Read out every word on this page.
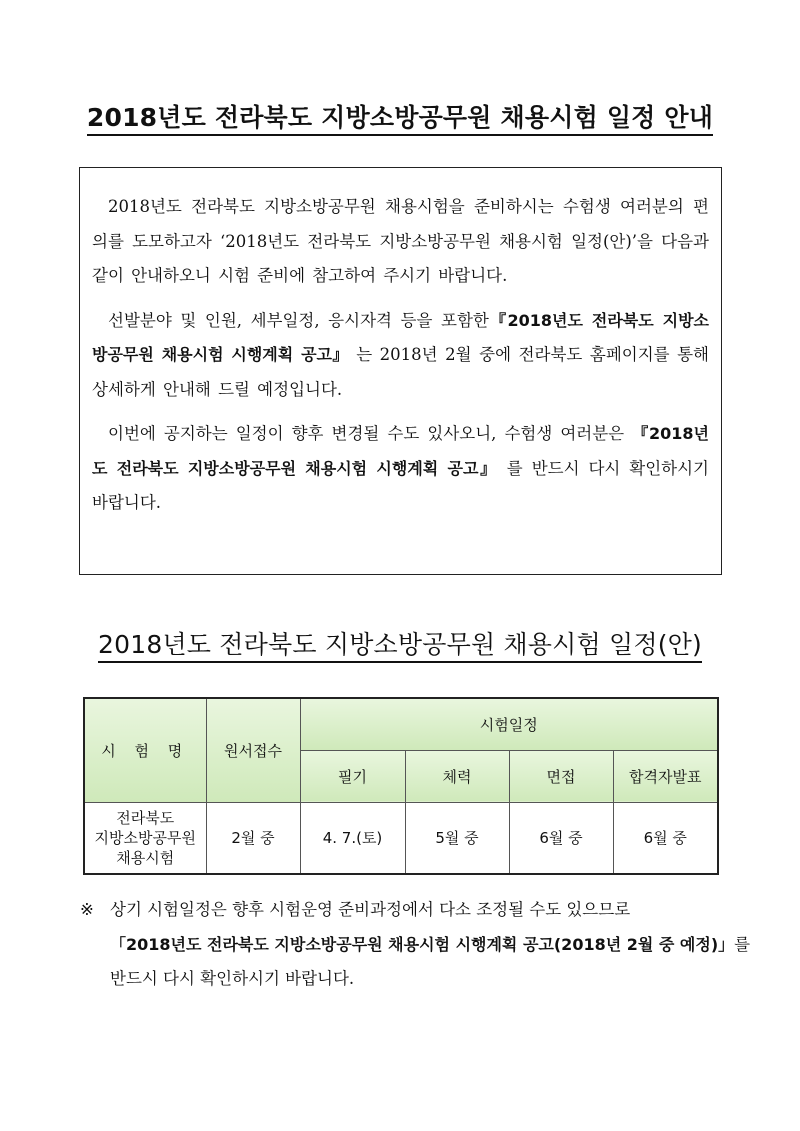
2018년도 전라북도 지방소방공무원 채용시험 일정 안내

2018년도 전라북도 지방소방공무원 채용시험을 준비하시는 수험생 여러분의 편의를 도모하고자 ‘2018년도 전라북도 지방소방공무원 채용시험 일정(안)’을 다음과 같이 안내하오니 시험 준비에 참고하여 주시기 바랍니다.

선발분야 및 인원, 세부일정, 응시자격 등을 포함한『2018년도 전라북도 지방소방공무원 채용시험 시행계획 공고』 는 2018년 2월 중에 전라북도 홈페이지를 통해 상세하게 안내해 드릴 예정입니다.

이번에 공지하는 일정이 향후 변경될 수도 있사오니, 수험생 여러분은 『2018년도 전라북도 지방소방공무원 채용시험 시행계획 공고』 를 반드시 다시 확인하시기 바랍니다.

2018년도 전라북도 지방소방공무원 채용시험 일정(안)
시 험 명	원서접수	시험일정			
		필기	체력	면접	합격자발표

전라북도
지방소방공무원
채용시험	2월 중	4. 7.(토)	5월 중	6월 중	6월 중
※ 상기 시험일정은 향후 시험운영 준비과정에서 다소 조정될 수도 있으므로
「2018년도 전라북도 지방소방공무원 채용시험 시행계획 공고(2018년 2월 중 예정)」를
반드시 다시 확인하시기 바랍니다.
